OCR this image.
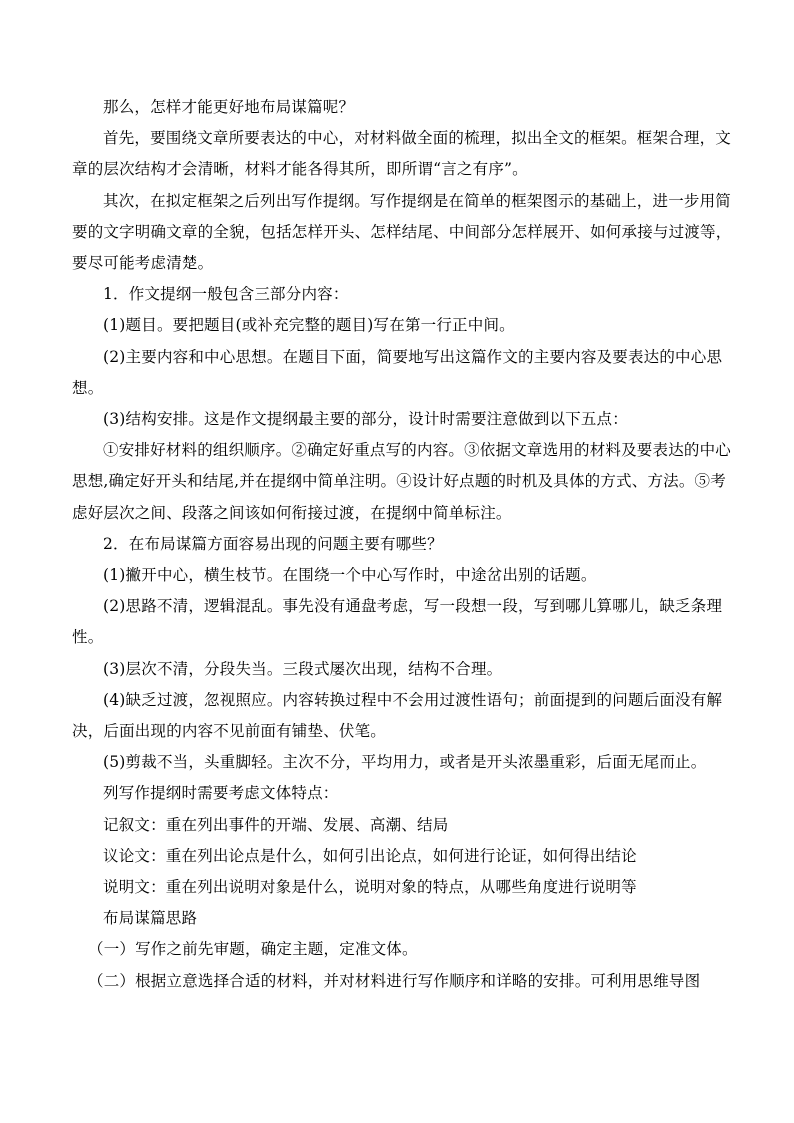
那么，怎样才能更好地布局谋篇呢？

首先，要围绕文章所要表达的中心，对材料做全面的梳理，拟出全文的框架。框架合理，文章的层次结构才会清晰，材料才能各得其所，即所谓“言之有序”。

其次，在拟定框架之后列出写作提纲。写作提纲是在简单的框架图示的基础上，进一步用简要的文字明确文章的全貌，包括怎样开头、怎样结尾、中间部分怎样展开、如何承接与过渡等，要尽可能考虑清楚。

1．作文提纲一般包含三部分内容：

(1)题目。要把题目(或补充完整的题目)写在第一行正中间。

(2)主要内容和中心思想。在题目下面，简要地写出这篇作文的主要内容及要表达的中心思想。

(3)结构安排。这是作文提纲最主要的部分，设计时需要注意做到以下五点：

①安排好材料的组织顺序。②确定好重点写的内容。③依据文章选用的材料及要表达的中心思想,确定好开头和结尾,并在提纲中简单注明。④设计好点题的时机及具体的方式、方法。⑤考虑好层次之间、段落之间该如何衔接过渡，在提纲中简单标注。

2．在布局谋篇方面容易出现的问题主要有哪些？

(1)撇开中心，横生枝节。在围绕一个中心写作时，中途岔出别的话题。

(2)思路不清，逻辑混乱。事先没有通盘考虑，写一段想一段，写到哪儿算哪儿，缺乏条理性。

(3)层次不清，分段失当。三段式屡次出现，结构不合理。

(4)缺乏过渡，忽视照应。内容转换过程中不会用过渡性语句；前面提到的问题后面没有解决，后面出现的内容不见前面有铺垫、伏笔。

(5)剪裁不当，头重脚轻。主次不分，平均用力，或者是开头浓墨重彩，后面无尾而止。

列写作提纲时需要考虑文体特点：

记叙文：重在列出事件的开端、发展、高潮、结局

议论文：重在列出论点是什么，如何引出论点，如何进行论证，如何得出结论

说明文：重在列出说明对象是什么，说明对象的特点，从哪些角度进行说明等

布局谋篇思路

（一）写作之前先审题，确定主题，定准文体。

（二）根据立意选择合适的材料，并对材料进行写作顺序和详略的安排。可利用思维导图
